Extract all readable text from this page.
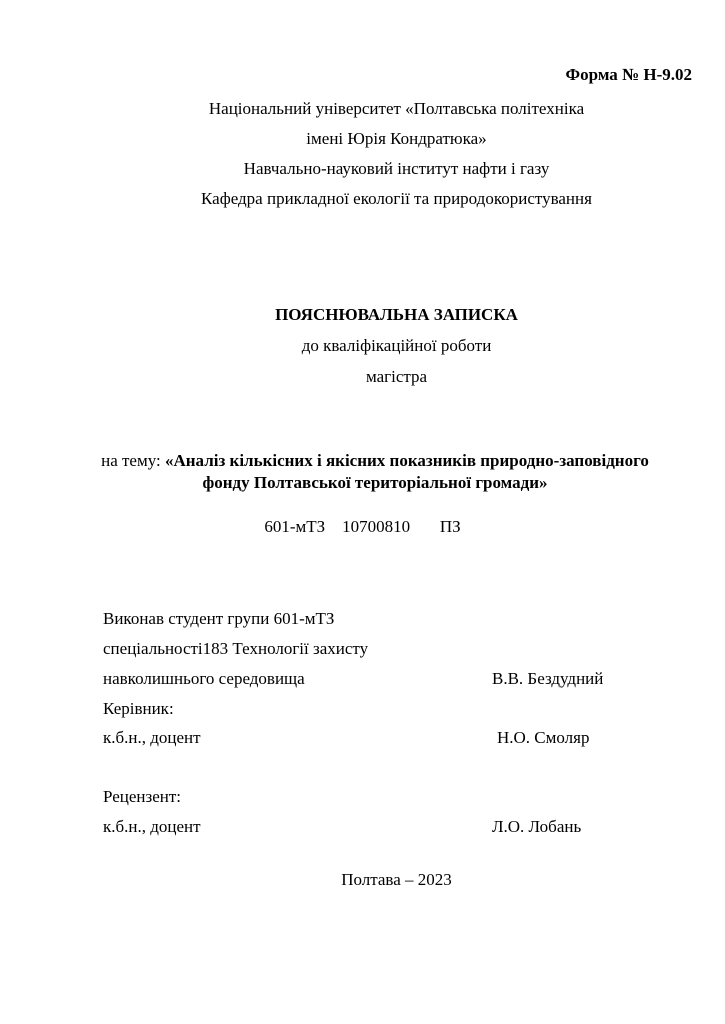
Форма № Н-9.02
Національний університет «Полтавська політехніка
імені Юрія Кондратюка»
Навчально-науковий інститут нафти і газу
Кафедра прикладної екології та природокористування
ПОЯСНЮВАЛЬНА ЗАПИСКА
до кваліфікаційної роботи
магістра
на тему: «Аналіз кількісних і якісних показників природно-заповідного
фонду Полтавської територіальної громади»
601-мТЗ    10700810       ПЗ
Виконав студент групи 601-мТЗ
спеціальності183 Технології захисту
навколишнього середовища	В.В. Бездудний
Керівник:
к.б.н., доцент	Н.О. Смоляр
Рецензент:
к.б.н., доцент	Л.О. Лобань
Полтава – 2023
